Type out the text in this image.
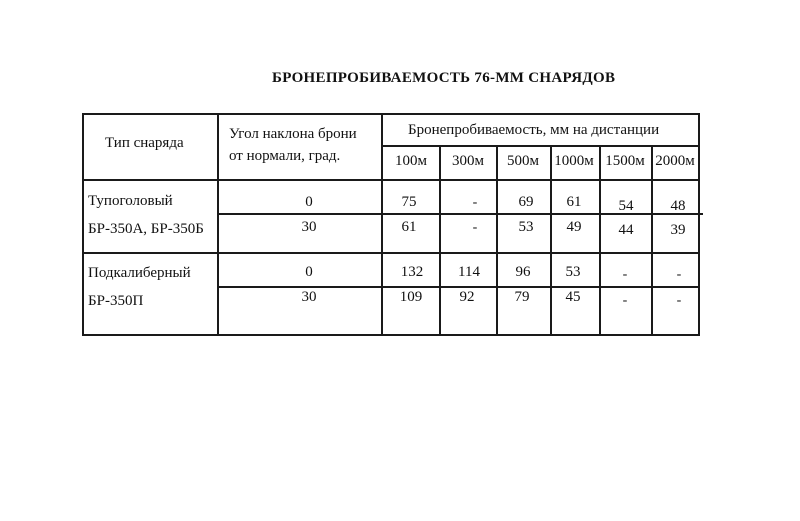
БРОНЕПРОБИВАЕМОСТЬ 76-ММ СНАРЯДОВ
Тип снаряда
Угол наклона брони
от нормали, град.
Бронепробиваемость, мм на дистанции
100м 300м 500м 1000м 1500м 2000м
Тупоголовый
БР-350А, БР-350Б
0	75	-	69 61 54 48
30	61	-	53 49 44 39
Подкалиберный
БР-350П
0	132 114 96 53	-	-
30	109 92	79 45	-	-
